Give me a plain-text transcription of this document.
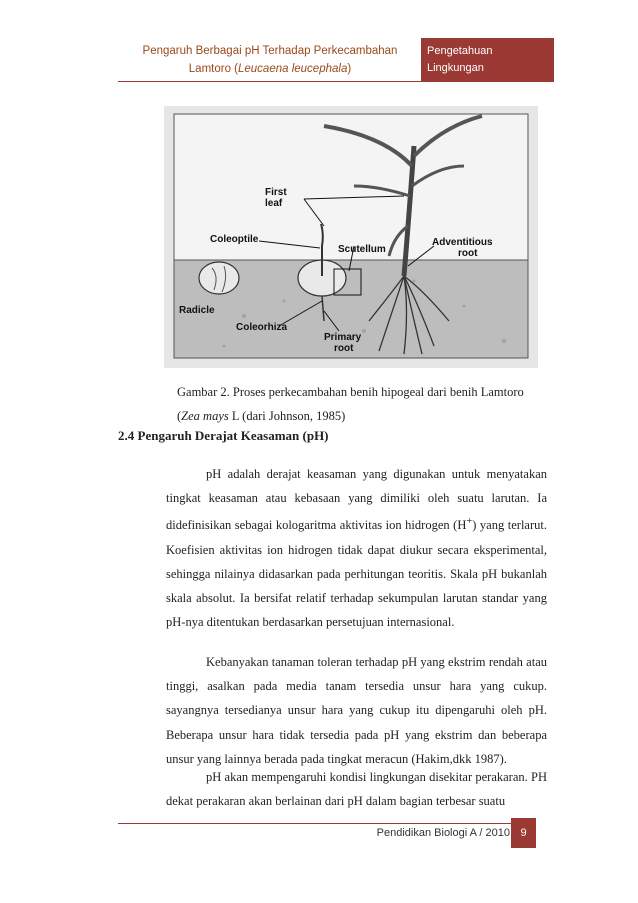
Pengaruh Berbagai pH Terhadap Perkecambahan
Lamtoro (Leucaena leucephala)
Pengetahuan
Lingkungan
First
leaf
Coleoptile
Scutellum
Adventitious
root
Radicle
Coleorhiza
Primary
root
Gambar 2. Proses perkecambahan benih hipogeal dari benih Lamtoro
(Zea mays L (dari Johnson, 1985)
2.4 Pengaruh Derajat Keasaman (pH)
pH adalah derajat keasaman yang digunakan untuk menyatakan tingkat keasaman atau kebasaan yang dimiliki oleh suatu larutan. Ia didefinisikan sebagai kologaritma aktivitas ion hidrogen (H+) yang terlarut. Koefisien aktivitas ion hidrogen tidak dapat diukur secara eksperimental, sehingga nilainya didasarkan pada perhitungan teoritis. Skala pH bukanlah skala absolut. Ia bersifat relatif terhadap sekumpulan larutan standar yang pH-nya ditentukan berdasarkan persetujuan internasional.
Kebanyakan tanaman toleran terhadap pH yang ekstrim rendah atau tinggi, asalkan pada media tanam tersedia unsur hara yang cukup. sayangnya tersedianya unsur hara yang cukup itu dipengaruhi oleh pH. Beberapa unsur hara tidak tersedia pada pH yang ekstrim dan beberapa unsur yang lainnya berada pada tingkat meracun (Hakim,dkk 1987).
pH akan mempengaruhi kondisi lingkungan disekitar perakaran. PH dekat perakaran akan berlainan dari pH dalam bagian terbesar suatu
Pendidikan Biologi A / 2010 9
